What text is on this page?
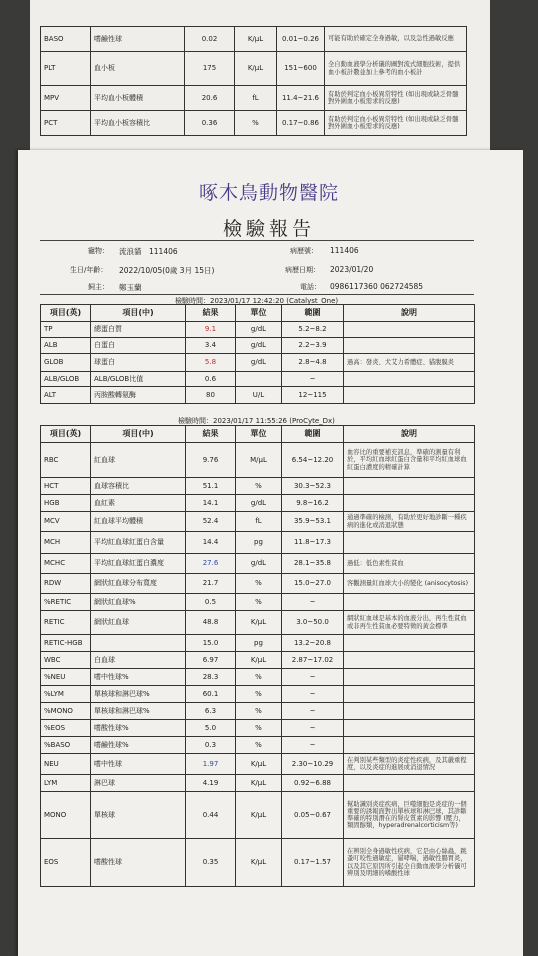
BASO	嗜鹼性球	0.02	K/μL	0.01~0.26	可能有助於確定全身過敏，以及急性過敏反應
PLT	血小板	175	K/μL	151~600	全自動血液學分析儀的圖對流式細胞技術，提供血小板計數並加上參考的血小板計
MPV	平均血小板體積	20.6	fL	11.4~21.6	有助於判定血小板異常特性 (如出現或缺乏骨髓對外圍血小板需求的反應)
PCT	平均血小板容積比	0.36	%	0.17~0.86	有助於判定血小板異常特性 (如出現或缺乏骨髓對外圍血小板需求的反應)
啄木鳥動物醫院
檢驗報告
寵物： 流浪貓　111406	病歷號： 111406
生日/年齡： 2022/10/05(0歲 3月 15日)	病歷日期： 2023/01/20
飼主： 鄭玉蘭	電話： 0986117360 062724585
檢驗時間：2023/01/17 12:42:20 (Catalyst_One)
項目(英)	項目(中)	結果	單位	範圍	說明
TP	總蛋白質	9.1	g/dL	5.2~8.2	
ALB	白蛋白	3.4	g/dL	2.2~3.9	
GLOB	球蛋白	5.8	g/dL	2.8~4.8	過高：發炎、犬艾力希體症、貓腹膜炎
ALB/GLOB	ALB/GLOB比值	0.6		~	
ALT	丙胺酸轉氨酶	80	U/L	12~115	
檢驗時間：2023/01/17 11:55:26 (ProCyte_Dx)
項目(英)	項目(中)	結果	單位	範圍	說明
RBC	紅血球	9.76	M/μL	6.54~12.20	血容比的重要補充訊息，準確的測量有利於，平均紅血球紅蛋白含量和平均紅血球血紅蛋白濃度的精確計算
HCT	血球容積比	51.1	%	30.3~52.3	
HGB	血紅素	14.1	g/dL	9.8~16.2	
MCV	紅血球平均體積	52.4	fL	35.9~53.1	通過準確的檢測，有助於更好地診斷一種疾病的進化或消退狀態
MCH	平均紅血球紅蛋白含量	14.4	pg	11.8~17.3	
MCHC	平均紅血球紅蛋白濃度	27.6	g/dL	28.1~35.8	過低：低色素性貧血
RDW	網狀紅血球分布寬度	21.7	%	15.0~27.0	客觀測量紅血球大小的變化 (anisocytosis)
%RETIC	網狀紅血球%	0.5	%	~	
RETIC	網狀紅血球	48.8	K/μL	3.0~50.0	網狀紅血球是基本的血液分出，再生性貧血或非再生性貧血必要特徵的黃金標準
RETIC-HGB		15.0	pg	13.2~20.8	
WBC	白血球	6.97	K/μL	2.87~17.02	
%NEU	嗜中性球%	28.3	%	~	
%LYM	單核球和淋巴球%	60.1	%	~	
%MONO	單核球和淋巴球%	6.3	%	~	
%EOS	嗜酸性球%	5.0	%	~	
%BASO	嗜鹼性球%	0.3	%	~	
NEU	嗜中性球	1.97	K/μL	2.30~10.29	在判別某些類型的炎症性疾病，及其嚴重程度，以及炎症的進展或消退情況
LYM	淋巴球	4.19	K/μL	0.92~6.88	
MONO	單核球	0.44	K/μL	0.05~0.67	幫助識別炎症疾病，巨噬細胞是炎症的一個重要的誘報面對出單核球和淋巴球，其診斷準確的特別潛在的腎皮質素的影響 (壓力，類固醇類，hyperadrenalcorticism等)
EOS	嗜酸性球	0.35	K/μL	0.17~1.57	在辨別全身過敏性疾病，它是由心絲蟲，跳蚤叮咬性過敏症，貓哮喘，過敏性腸胃炎，以及其它原因所引起全自動血液學分析儀可辨別及明細的嗜酸性球
